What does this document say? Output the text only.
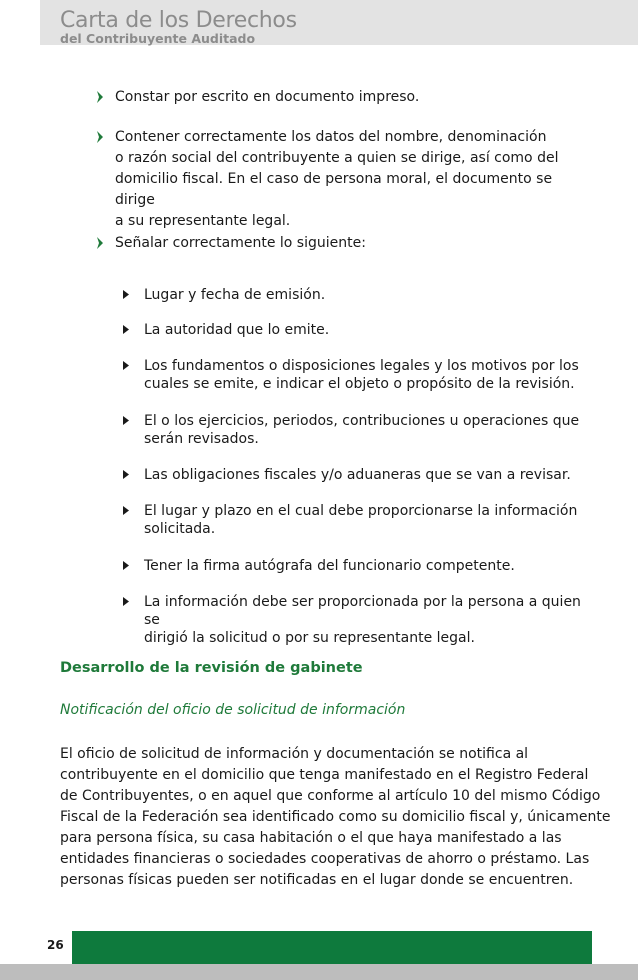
Carta de los Derechos
del Contribuyente Auditado
Constar por escrito en documento impreso.
Contener correctamente los datos del nombre, denominación
o razón social del contribuyente a quien se dirige, así como del
domicilio fiscal. En el caso de persona moral, el documento se dirige
a su representante legal.
Señalar correctamente lo siguiente:
Lugar y fecha de emisión.
La autoridad que lo emite.
Los fundamentos o disposiciones legales y los motivos por los
cuales se emite, e indicar el objeto o propósito de la revisión.
El o los ejercicios, periodos, contribuciones u operaciones que
serán revisados.
Las obligaciones fiscales y/o aduaneras que se van a revisar.
El lugar y plazo en el cual debe proporcionarse la información
solicitada.
Tener la firma autógrafa del funcionario competente.
La información debe ser proporcionada por la persona a quien se
dirigió la solicitud o por su representante legal.
Desarrollo de la revisión de gabinete
Notificación del oficio de solicitud de información
El oficio de solicitud de información y documentación se notifica al
contribuyente en el domicilio que tenga manifestado en el Registro Federal
de Contribuyentes, o en aquel que conforme al artículo 10 del mismo Código
Fiscal de la Federación sea identificado como su domicilio fiscal y, únicamente
para persona física, su casa habitación o el que haya manifestado a las
entidades financieras o sociedades cooperativas de ahorro o préstamo. Las
personas físicas pueden ser notificadas en el lugar donde se encuentren.
26
